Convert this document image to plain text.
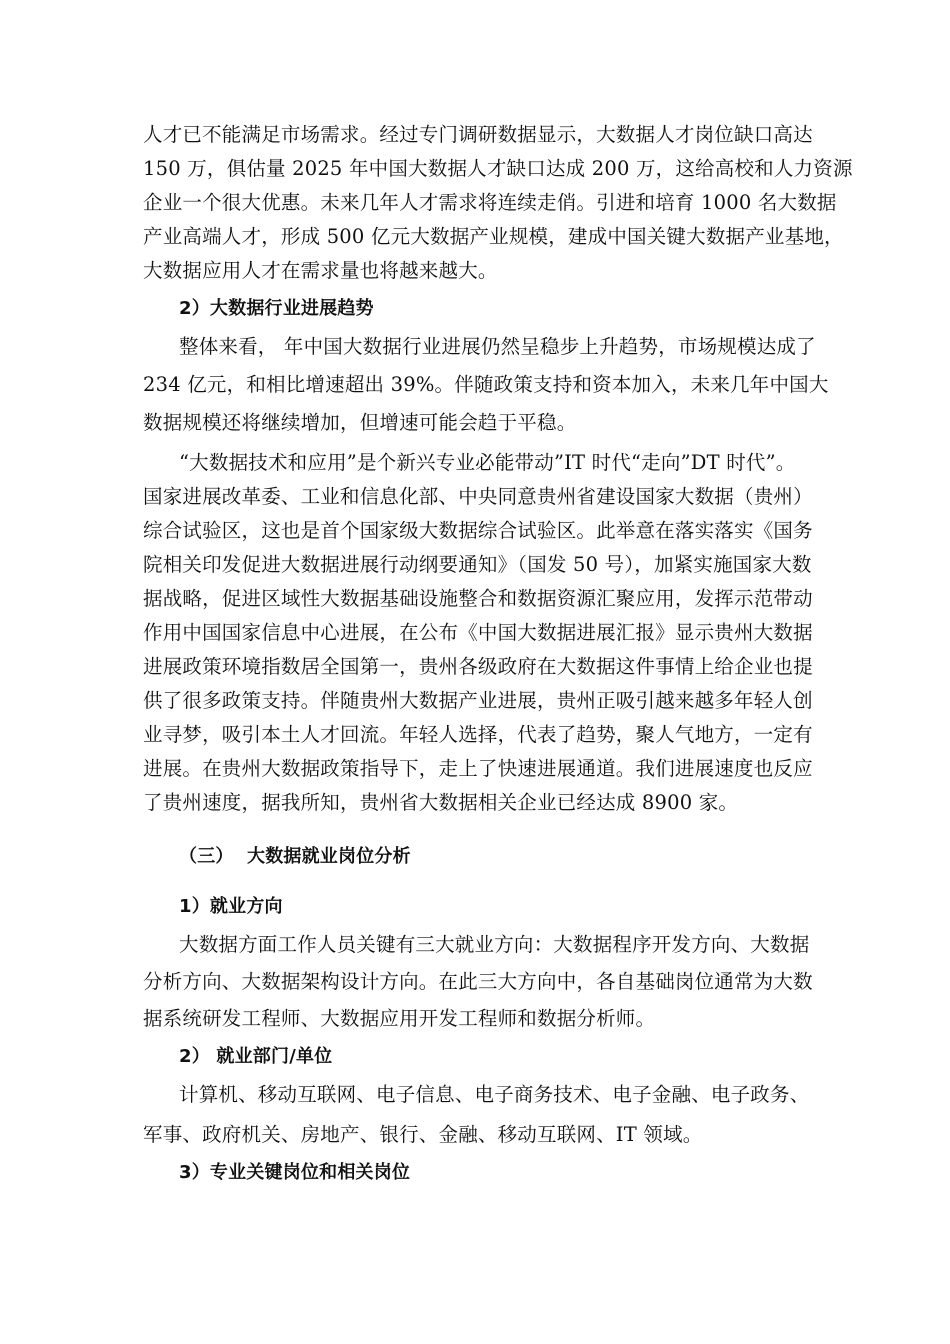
人才已不能满足市场需求。经过专门调研数据显示，大数据人才岗位缺口高达
150 万，俱估量 2025 年中国大数据人才缺口达成 200 万，这给高校和人力资源
企业一个很大优惠。未来几年人才需求将连续走俏。引进和培育 1000 名大数据
产业高端人才，形成 500 亿元大数据产业规模，建成中国关键大数据产业基地，
大数据应用人才在需求量也将越来越大。
2）大数据行业进展趋势
整体来看， 年中国大数据行业进展仍然呈稳步上升趋势，市场规模达成了
234 亿元，和相比增速超出 39%。伴随政策支持和资本加入，未来几年中国大
数据规模还将继续增加，但增速可能会趋于平稳。
“大数据技术和应用”是个新兴专业必能带动”IT 时代“走向”DT 时代”。
国家进展改革委、工业和信息化部、中央同意贵州省建设国家大数据（贵州）
综合试验区，这也是首个国家级大数据综合试验区。此举意在落实落实《国务
院相关印发促进大数据进展行动纲要通知》（国发 50 号），加紧实施国家大数
据战略，促进区域性大数据基础设施整合和数据资源汇聚应用，发挥示范带动
作用中国国家信息中心进展，在公布《中国大数据进展汇报》显示贵州大数据
进展政策环境指数居全国第一，贵州各级政府在大数据这件事情上给企业也提
供了很多政策支持。伴随贵州大数据产业进展，贵州正吸引越来越多年轻人创
业寻梦，吸引本土人才回流。年轻人选择，代表了趋势，聚人气地方，一定有
进展。在贵州大数据政策指导下，走上了快速进展通道。我们进展速度也反应
了贵州速度，据我所知，贵州省大数据相关企业已经达成 8900 家。
（三） 大数据就业岗位分析
1）就业方向
大数据方面工作人员关键有三大就业方向：大数据程序开发方向、大数据
分析方向、大数据架构设计方向。在此三大方向中，各自基础岗位通常为大数
据系统研发工程师、大数据应用开发工程师和数据分析师。
2） 就业部门/单位
计算机、移动互联网、电子信息、电子商务技术、电子金融、电子政务、
军事、政府机关、房地产、银行、金融、移动互联网、IT 领域。
3）专业关键岗位和相关岗位
